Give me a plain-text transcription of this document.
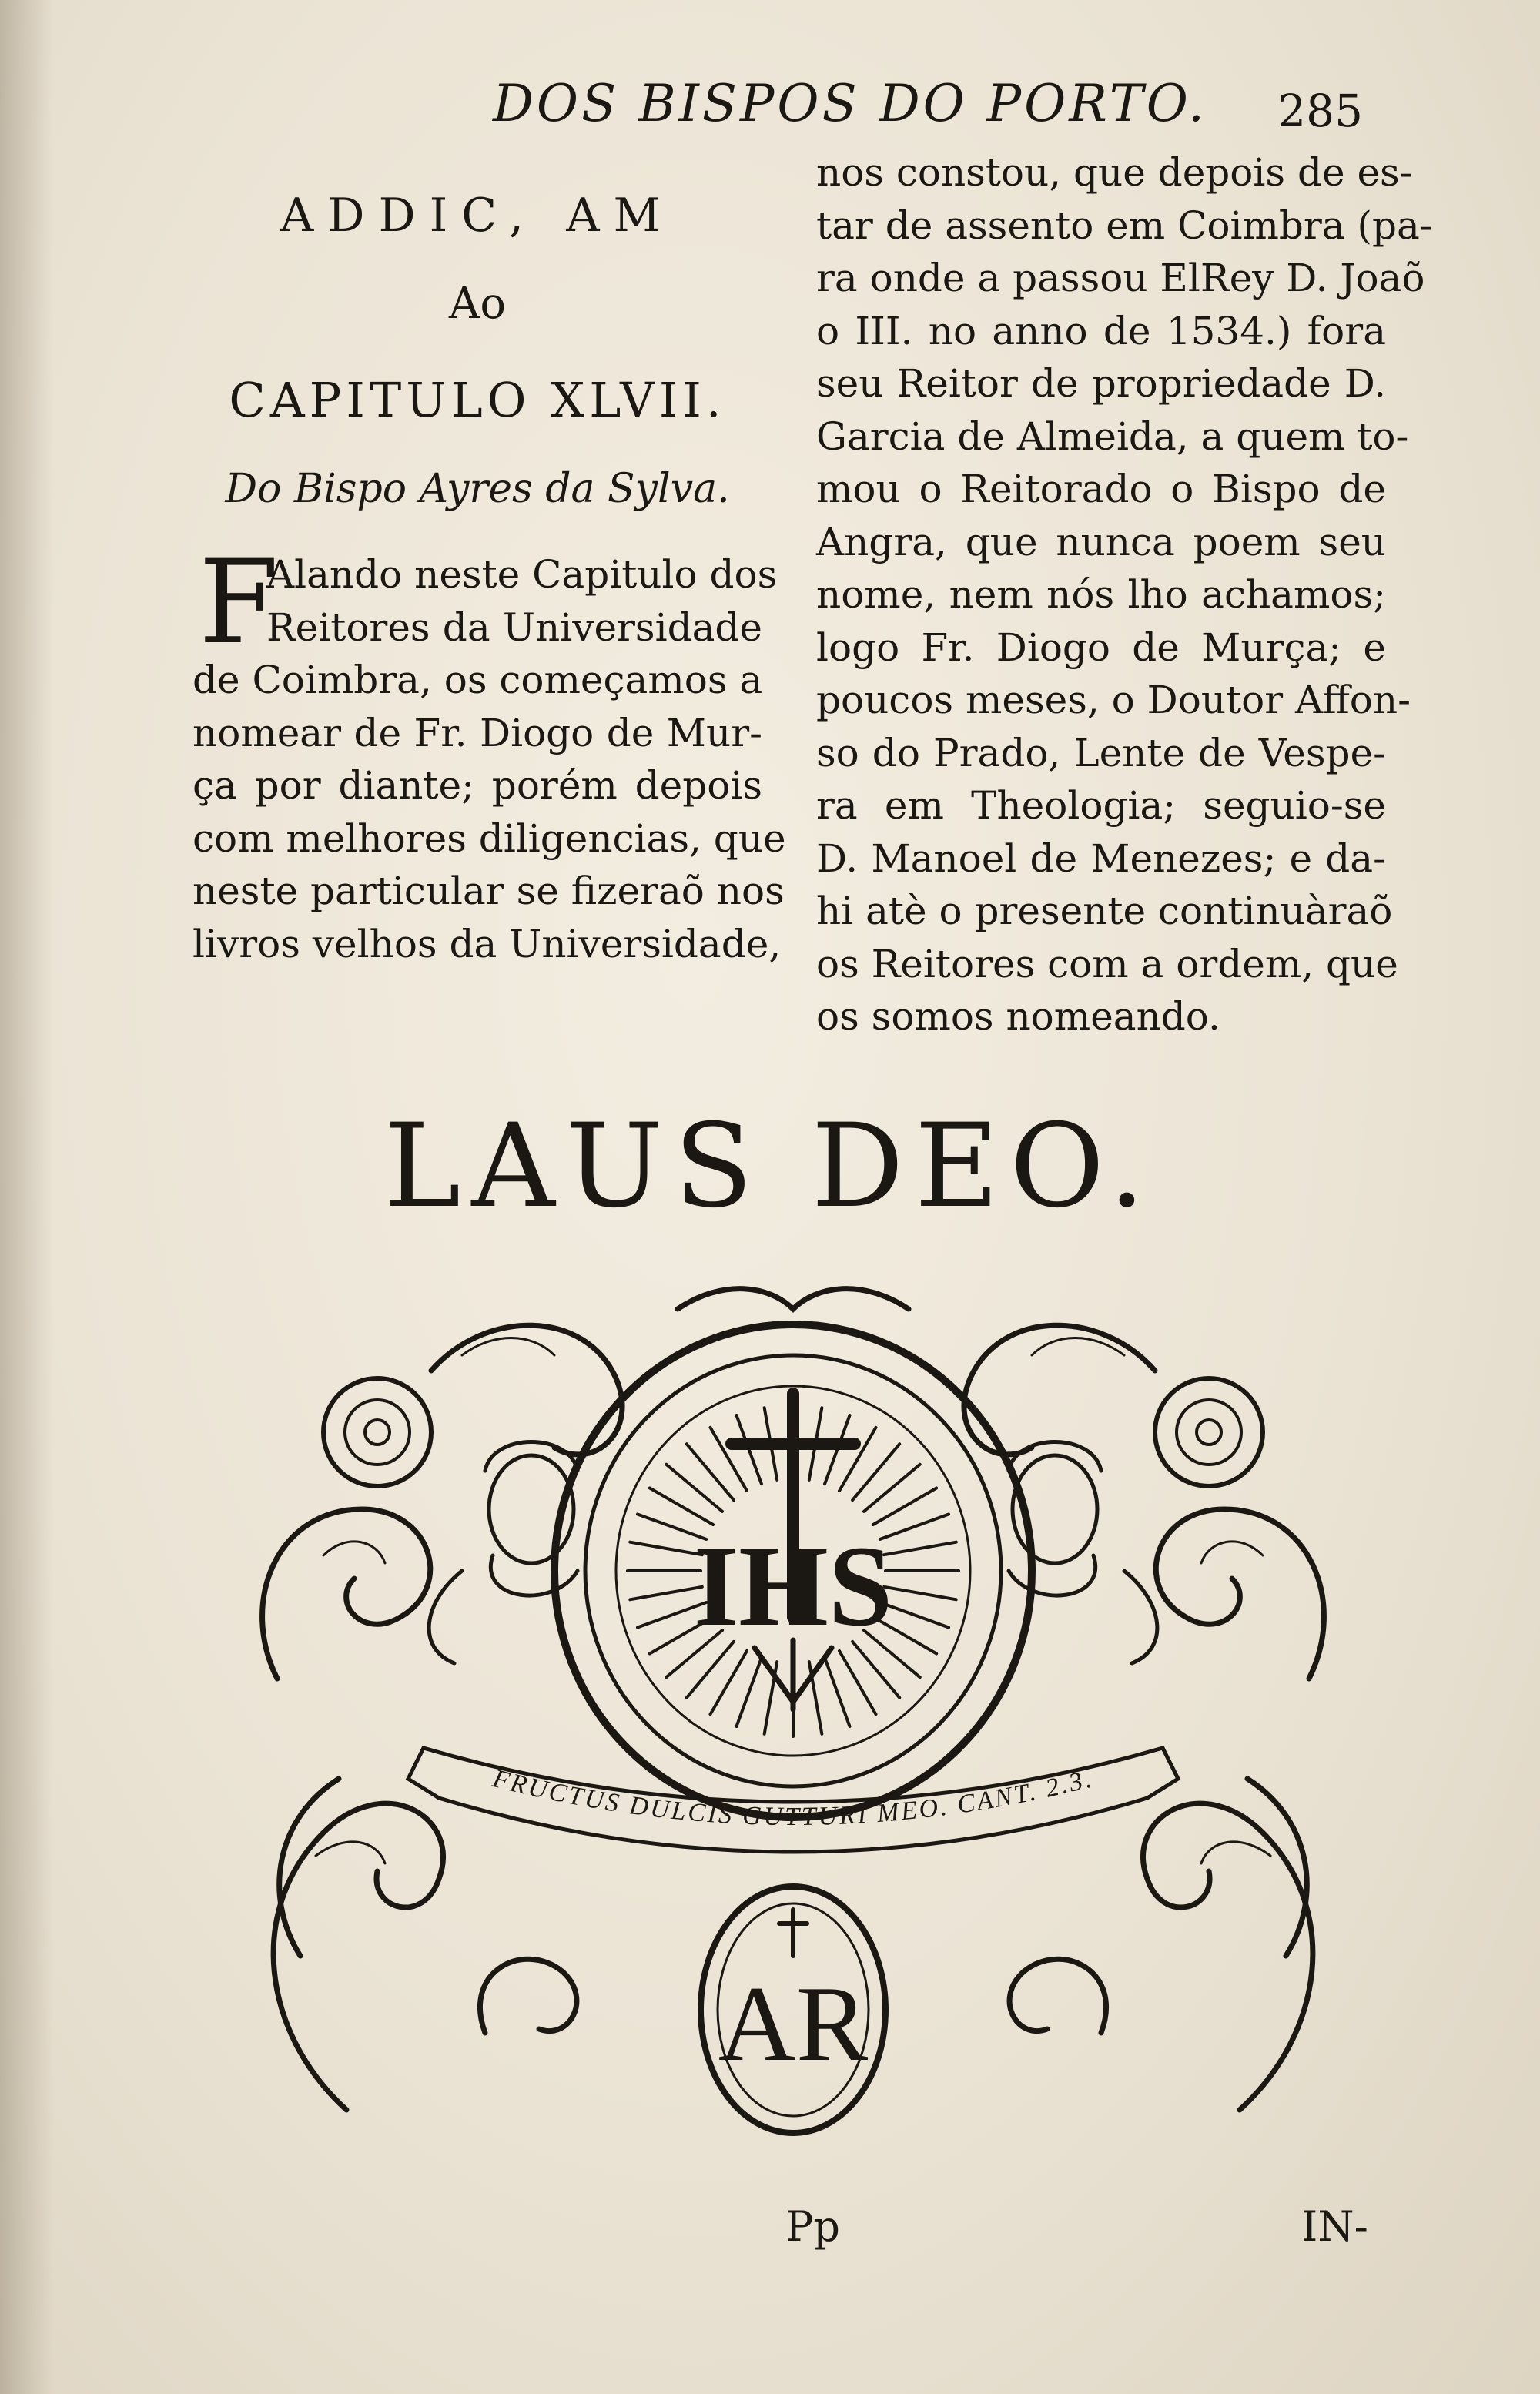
DOS BISPOS DO PORTO. 285
ADDIC, AM
Ao
CAPITULO XLVII.
Do Bispo Ayres da Sylva.
F
Alando neste Capitulo dos
Reitores da Universidade
de Coimbra, os começamos a
nomear de Fr. Diogo de Mur-
ça por diante; porém depois
com melhores diligencias, que
neste particular se fizeraõ nos
livros velhos da Universidade,
nos constou, que depois de es-
tar de assento em Coimbra (pa-
ra onde a passou ElRey D. Joaõ
o III. no anno de 1534.) fora
seu Reitor de propriedade D.
Garcia de Almeida, a quem to-
mou o Reitorado o Bispo de
Angra, que nunca poem seu
nome, nem nós lho achamos;
logo Fr. Diogo de Murça; e
poucos meses, o Doutor Affon-
so do Prado, Lente de Vespe-
ra em Theologia; seguio-se
D. Manoel de Menezes; e da-
hi atè o presente continuàraõ
os Reitores com a ordem, que
os somos nomeando.
LAUS DEO.
IHS
FRUCTUS DULCIS GUTTURI MEO. CANT. 2.3.
AR
Pp	IN-
